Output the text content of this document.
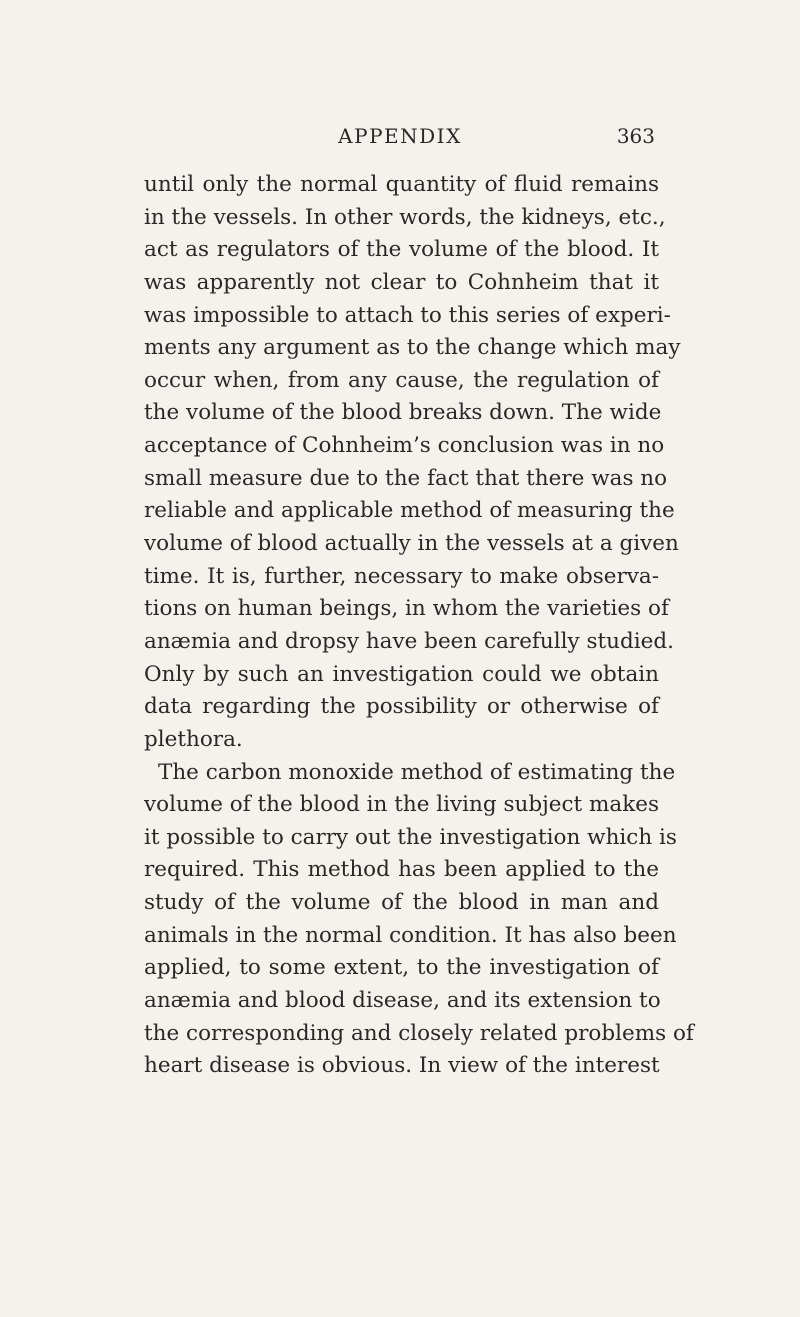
APPENDIX	363
until only the normal quantity of fluid remains
in the vessels. In other words, the kidneys, etc.,
act as regulators of the volume of the blood. It
was apparently not clear to Cohnheim that it
was impossible to attach to this series of experi-
ments any argument as to the change which may
occur when, from any cause, the regulation of
the volume of the blood breaks down. The wide
acceptance of Cohnheim’s conclusion was in no
small measure due to the fact that there was no
reliable and applicable method of measuring the
volume of blood actually in the vessels at a given
time. It is, further, necessary to make observa-
tions on human beings, in whom the varieties of
anæmia and dropsy have been carefully studied.
Only by such an investigation could we obtain
data regarding the possibility or otherwise of
plethora.
The carbon monoxide method of estimating the
volume of the blood in the living subject makes
it possible to carry out the investigation which is
required. This method has been applied to the
study of the volume of the blood in man and
animals in the normal condition. It has also been
applied, to some extent, to the investigation of
anæmia and blood disease, and its extension to
the corresponding and closely related problems of
heart disease is obvious. In view of the interest
